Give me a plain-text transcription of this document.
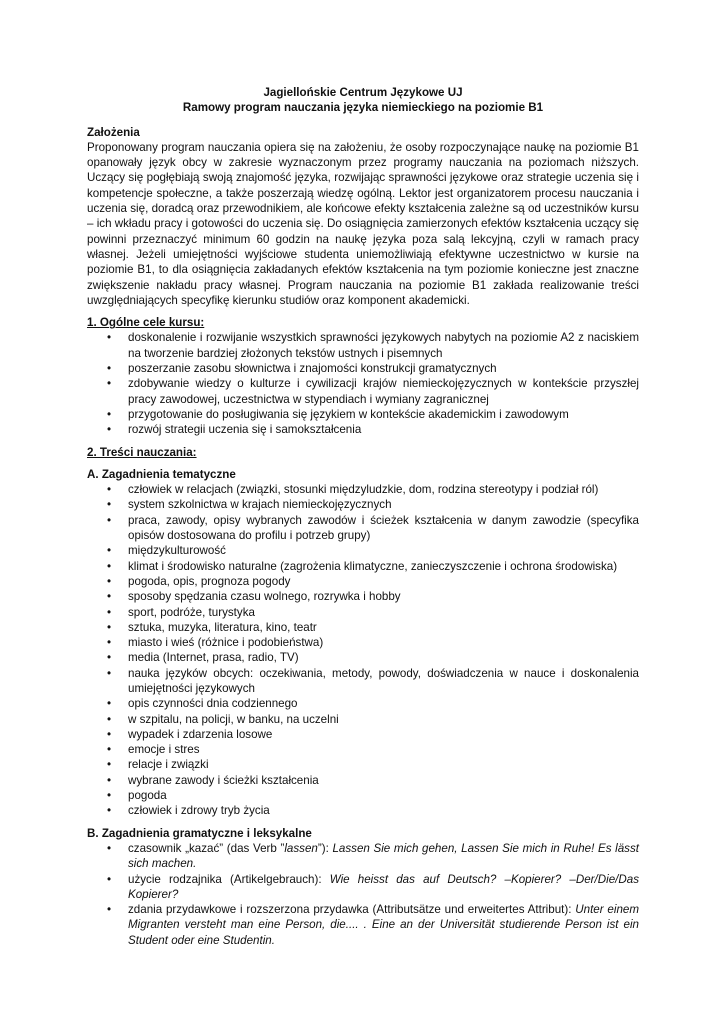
Jagiellońskie Centrum Językowe UJ

Ramowy program nauczania języka niemieckiego na poziomie B1

Założenia

Proponowany program nauczania opiera się na założeniu, że osoby rozpoczynające naukę na poziomie B1 opanowały język obcy w zakresie wyznaczonym przez programy nauczania na poziomach niższych. Uczący się pogłębiają swoją znajomość języka, rozwijając sprawności językowe oraz strategie uczenia się i kompetencje społeczne, a także poszerzają wiedzę ogólną. Lektor jest organizatorem procesu nauczania i uczenia się, doradcą oraz przewodnikiem, ale końcowe efekty kształcenia zależne są od uczestników kursu – ich wkładu pracy i gotowości do uczenia się. Do osiągnięcia zamierzonych efektów kształcenia uczący się powinni przeznaczyć minimum 60 godzin na naukę języka poza salą lekcyjną, czyli w ramach pracy własnej. Jeżeli umiejętności wyjściowe studenta uniemożliwiają efektywne uczestnictwo w kursie na poziomie B1, to dla osiągnięcia zakładanych efektów kształcenia na tym poziomie konieczne jest znaczne zwiększenie nakładu pracy własnej. Program nauczania na poziomie B1 zakłada realizowanie treści uwzględniających specyfikę kierunku studiów oraz komponent akademicki.

1. Ogólne cele kursu:

• doskonalenie i rozwijanie wszystkich sprawności językowych nabytych na poziomie A2 z naciskiem na tworzenie bardziej złożonych tekstów ustnych i pisemnych
• poszerzanie zasobu słownictwa i znajomości konstrukcji gramatycznych
• zdobywanie wiedzy o kulturze i cywilizacji krajów niemieckojęzycznych w kontekście przyszłej pracy zawodowej, uczestnictwa w stypendiach i wymiany zagranicznej
• przygotowanie do posługiwania się językiem w kontekście akademickim i zawodowym
• rozwój strategii uczenia się i samokształcenia

2. Treści nauczania:

A. Zagadnienia tematyczne

• człowiek w relacjach (związki, stosunki międzyludzkie, dom, rodzina stereotypy i podział ról)
• system szkolnictwa w krajach niemieckojęzycznych
• praca, zawody, opisy wybranych zawodów i ścieżek kształcenia w danym zawodzie (specyfika opisów dostosowana do profilu i potrzeb grupy)
• międzykulturowość
• klimat i środowisko naturalne (zagrożenia klimatyczne, zanieczyszczenie i ochrona środowiska)
• pogoda, opis, prognoza pogody
• sposoby spędzania czasu wolnego, rozrywka i hobby
• sport, podróże, turystyka
• sztuka, muzyka, literatura, kino, teatr
• miasto i wieś (różnice i podobieństwa)
• media (Internet, prasa, radio, TV)
• nauka języków obcych: oczekiwania, metody, powody, doświadczenia w nauce i doskonalenia umiejętności językowych
• opis czynności dnia codziennego
• w szpitalu, na policji, w banku, na uczelni
• wypadek i zdarzenia losowe
• emocje i stres
• relacje i związki
• wybrane zawody i ścieżki kształcenia
• pogoda
• człowiek i zdrowy tryb życia

B. Zagadnienia gramatyczne i leksykalne

• czasownik „kazać” (das Verb ”lassen”): Lassen Sie mich gehen, Lassen Sie mich in Ruhe! Es lässt sich machen.
• użycie rodzajnika (Artikelgebrauch): Wie heisst das auf Deutsch? –Kopierer? –Der/Die/Das Kopierer?
• zdania przydawkowe i rozszerzona przydawka (Attributsätze und erweitertes Attribut): Unter einem Migranten versteht man eine Person, die.... . Eine an der Universität studierende Person ist ein Student oder eine Studentin.
